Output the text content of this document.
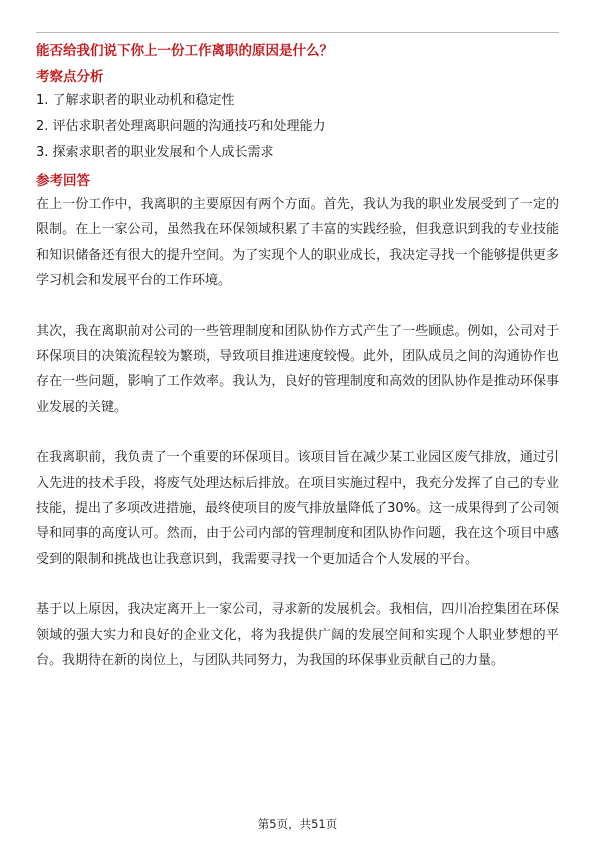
能否给我们说下你上一份工作离职的原因是什么？

考察点分析

1. 了解求职者的职业动机和稳定性

2. 评估求职者处理离职问题的沟通技巧和处理能力

3. 探索求职者的职业发展和个人成长需求

参考回答

在上一份工作中，我离职的主要原因有两个方面。首先，我认为我的职业发展受到了一定的限制。在上一家公司，虽然我在环保领域积累了丰富的实践经验，但我意识到我的专业技能和知识储备还有很大的提升空间。为了实现个人的职业成长，我决定寻找一个能够提供更多学习机会和发展平台的工作环境。

其次，我在离职前对公司的一些管理制度和团队协作方式产生了一些顾虑。例如，公司对于环保项目的决策流程较为繁琐，导致项目推进速度较慢。此外，团队成员之间的沟通协作也存在一些问题，影响了工作效率。我认为，良好的管理制度和高效的团队协作是推动环保事业发展的关键。

在我离职前，我负责了一个重要的环保项目。该项目旨在减少某工业园区废气排放，通过引入先进的技术手段，将废气处理达标后排放。在项目实施过程中，我充分发挥了自己的专业技能，提出了多项改进措施，最终使项目的废气排放量降低了30%。这一成果得到了公司领导和同事的高度认可。然而，由于公司内部的管理制度和团队协作问题，我在这个项目中感受到的限制和挑战也让我意识到，我需要寻找一个更加适合个人发展的平台。

基于以上原因，我决定离开上一家公司，寻求新的发展机会。我相信，四川冶控集团在环保领域的强大实力和良好的企业文化，将为我提供广阔的发展空间和实现个人职业梦想的平台。我期待在新的岗位上，与团队共同努力，为我国的环保事业贡献自己的力量。

第5页，共51页
